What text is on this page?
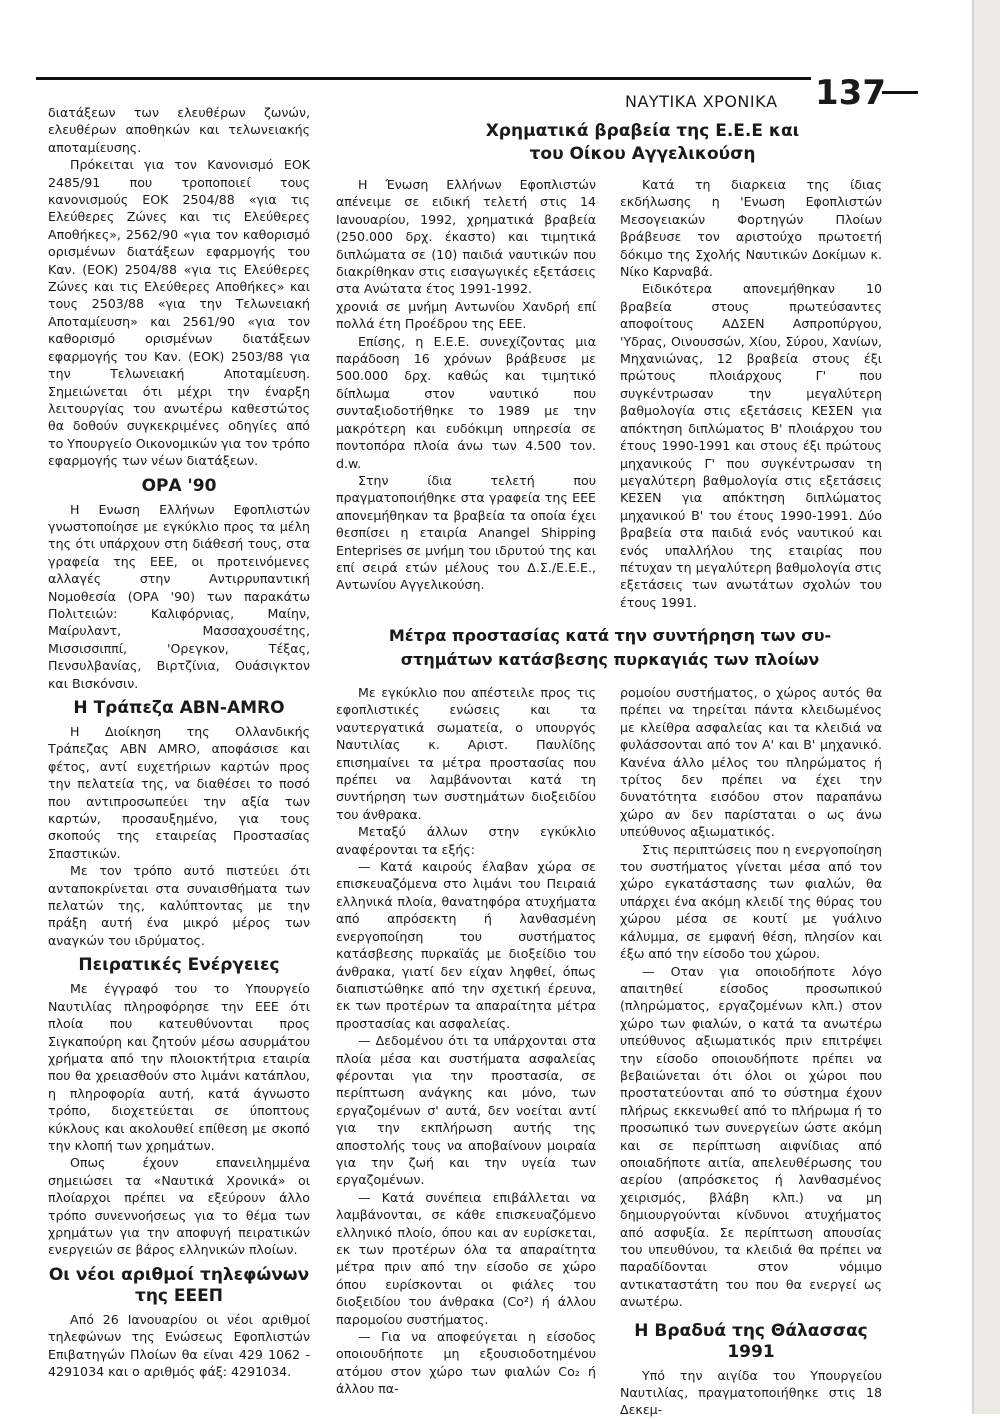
ΝΑΥΤΙΚΑ ΧΡΟΝΙΚΑ 137

διατάξεων των ελευθέρων ζωνών, ελευθέρων αποθηκών και τελωνειακής αποταμίευσης.

Πρόκειται για τον Κανονισμό ΕΟΚ 2485/91 που τροποποιεί τους κανονισμούς ΕΟΚ 2504/88 «για τις Ελεύθερες Ζώνες και τις Ελεύθερες Αποθήκες», 2562/90 «για τον καθορισμό ορισμένων διατάξεων εφαρμογής του Καν. (ΕΟΚ) 2504/88 «για τις Ελεύθερες Ζώνες και τις Ελεύθερες Αποθήκες» και τους 2503/88 «για την Τελωνειακή Αποταμίευση» και 2561/90 «για τον καθορισμό ορισμένων διατάξεων εφαρμογής του Καν. (ΕΟΚ) 2503/88 για την Τελωνειακή Αποταμίευση. Σημειώνεται ότι μέχρι την έναρξη λειτουργίας του ανωτέρω καθεστώτος θα δοθούν συγκεκριμένες οδηγίες από το Υπουργείο Οικονομικών για τον τρόπο εφαρμογής των νέων διατάξεων.

ΟΡΑ '90

Η Ενωση Ελλήνων Εφοπλιστών γνωστοποίησε με εγκύκλιο προς τα μέλη της ότι υπάρχουν στη διάθεσή τους, στα γραφεία της ΕΕΕ, οι προτεινόμενες αλλαγές στην Αντιρρυπαντική Νομοθεσία (ΟΡΑ '90) των παρακάτω Πολιτειών: Καλιφόρνιας, Μαίην, Μαίρυλαντ, Μασσαχουσέτης, Μισσισσιππί, 'Ορεγκον, Τέξας, Πενσυλβανίας, Βιρτζίνια, Ουάσιγκτον και Βισκόνσιν.

Η Τράπεζα ABN-AMRO

Η Διοίκηση της Ολλανδικής Τράπεζας ABN AMRO, αποφάσισε και φέτος, αντί ευχετήριων καρτών προς την πελατεία της, να διαθέσει το ποσό που αντιπροσωπεύει την αξία των καρτών, προσαυξημένο, για τους σκοπούς της εταιρείας Προστασίας Σπαστικών.

Με τον τρόπο αυτό πιστεύει ότι ανταποκρίνεται στα συναισθήματα των πελατών της, καλύπτοντας με την πράξη αυτή ένα μικρό μέρος των αναγκών του ιδρύματος.

Πειρατικές Ενέργειες

Με έγγραφό του το Υπουργείο Ναυτιλίας πληροφόρησε την ΕΕΕ ότι πλοία που κατευθύνονται προς Σιγκαπούρη και ζητούν μέσω ασυρμάτου χρήματα από την πλοιοκτήτρια εταιρία που θα χρειασθούν στο λιμάνι κατάπλου, η πληροφορία αυτή, κατά άγνωστο τρόπο, διοχετεύεται σε ύποπτους κύκλους και ακολουθεί επίθεση με σκοπό την κλοπή των χρημάτων.

Οπως έχουν επανειλημμένα σημειώσει τα «Ναυτικά Χρονικά» οι πλοίαρχοι πρέπει να εξεύρουν άλλο τρόπο συνεννοήσεως για το θέμα των χρημάτων για την αποφυγή πειρατικών ενεργειών σε βάρος ελληνικών πλοίων.

Οι νέοι αριθμοί τηλεφώνων
της ΕΕΕΠ

Από 26 Ιανουαρίου οι νέοι αριθμοί τηλεφώνων της Ενώσεως Εφοπλιστών Επιβατηγών Πλοίων θα είναι 429 1062 - 4291034 και ο αριθμός φάξ: 4291034.

Χρηματικά βραβεία της Ε.Ε.Ε και
του Οίκου Αγγελικούση

Η Ένωση Ελλήνων Εφοπλιστών απένειμε σε ειδική τελετή στις 14 Ιανουαρίου, 1992, χρηματικά βραβεία (250.000 δρχ. έκαστο) και τιμητικά διπλώματα σε (10) παιδιά ναυτικών που διακρίθηκαν στις εισαγωγικές εξετάσεις στα Ανώτατα έτος 1991-1992.

χρονιά σε μνήμη Αντωνίου Χανδρή επί πολλά έτη Προέδρου της ΕΕΕ.

Επίσης, η Ε.Ε.Ε. συνεχίζοντας μια παράδοση 16 χρόνων βράβευσε με 500.000 δρχ. καθώς και τιμητικό δίπλωμα στον ναυτικό που συνταξιοδοτήθηκε το 1989 με την μακρότερη και ευδόκιμη υπηρεσία σε ποντοπόρα πλοία άνω των 4.500 τον. d.w.

Στην ίδια τελετή που πραγματοποιήθηκε στα γραφεία της ΕΕΕ απονεμήθηκαν τα βραβεία τα οποία έχει θεσπίσει η εταιρία Anangel Shipping Enteprises σε μνήμη του ιδρυτού της και επί σειρά ετών μέλους του Δ.Σ./Ε.Ε.Ε., Αντωνίου Αγγελικούση.

Κατά τη διαρκεια της ίδιας εκδήλωσης η 'Ενωση Εφοπλιστών Μεσογειακών Φορτηγών Πλοίων βράβευσε τον αριστούχο πρωτοετή δόκιμο της Σχολής Ναυτικών Δοκίμων κ. Νίκο Καρναβά.

Ειδικότερα απονεμήθηκαν 10 βραβεία στους πρωτεύσαντες αποφοίτους ΑΔΣΕΝ Ασπροπύργου, 'Υδρας, Οινουσσών, Χίου, Σύρου, Χανίων, Μηχανιώνας, 12 βραβεία στους έξι πρώτους πλοιάρχους Γ' που συγκέντρωσαν την μεγαλύτερη βαθμολογία στις εξετάσεις ΚΕΣΕΝ για απόκτηση διπλώματος Β' πλοιάρχου του έτους 1990-1991 και στους έξι πρώτους μηχανικούς Γ' που συγκέντρωσαν τη μεγαλύτερη βαθμολογία στις εξετάσεις ΚΕΣΕΝ για απόκτηση διπλώματος μηχανικού Β' του έτους 1990-1991. Δύο βραβεία στα παιδιά ενός ναυτικού και ενός υπαλλήλου της εταιρίας που πέτυχαν τη μεγαλύτερη βαθμολογία στις εξετάσεις των ανωτάτων σχολών του έτους 1991.

Μέτρα προστασίας κατά την συντήρηση των συ-
στημάτων κατάσβεσης πυρκαγιάς των πλοίων

Με εγκύκλιο που απέστειλε προς τις εφοπλιστικές ενώσεις και τα ναυτεργατικά σωματεία, ο υπουργός Ναυτιλίας κ. Αριστ. Παυλίδης επισημαίνει τα μέτρα προστασίας που πρέπει να λαμβάνονται κατά τη συντήρηση των συστημάτων διοξειδίου του άνθρακα.

Μεταξύ άλλων στην εγκύκλιο αναφέρονται τα εξής:

— Κατά καιρούς έλαβαν χώρα σε επισκευαζόμενα στο λιμάνι του Πειραιά ελληνικά πλοία, θανατηφόρα ατυχήματα από απρόσεκτη ή λανθασμένη ενεργοποίηση του συστήματος κατάσβεσης πυρκαϊάς με διοξείδιο του άνθρακα, γιατί δεν είχαν ληφθεί, όπως διαπιστώθηκε από την σχετική έρευνα, εκ των προτέρων τα απαραίτητα μέτρα προστασίας και ασφαλείας.

— Δεδομένου ότι τα υπάρχονται στα πλοία μέσα και συστήματα ασφαλείας φέρονται για την προστασία, σε περίπτωση ανάγκης και μόνο, των εργαζομένων σ' αυτά, δεν νοείται αντί για την εκπλήρωση αυτής της αποστολής τους να αποβαίνουν μοιραία για την ζωή και την υγεία των εργαζομένων.

— Κατά συνέπεια επιβάλλεται να λαμβάνονται, σε κάθε επισκευαζόμενο ελληνικό πλοίο, όπου και αν ευρίσκεται, εκ των προτέρων όλα τα απαραίτητα μέτρα πριν από την είσοδο σε χώρο όπου ευρίσκονται οι φιάλες του διοξειδίου του άνθρακα (Co²) ή άλλου παρομοίου συστήματος.

— Για να αποφεύγεται η είσοδος οποιουδήποτε μη εξουσιοδοτημένου ατόμου στον χώρο των φιαλών Co₂ ή άλλου πα-

ρομοίου συστήματος, ο χώρος αυτός θα πρέπει να τηρείται πάντα κλειδωμένος με κλείθρα ασφαλείας και τα κλειδιά να φυλάσσονται από τον Α' και Β' μηχανικό. Κανένα άλλο μέλος του πληρώματος ή τρίτος δεν πρέπει να έχει την δυνατότητα εισόδου στον παραπάνω χώρο αν δεν παρίσταται ο ως άνω υπεύθυνος αξιωματικός.

Στις περιπτώσεις που η ενεργοποίηση του συστήματος γίνεται μέσα από τον χώρο εγκατάστασης των φιαλών, θα υπάρχει ένα ακόμη κλειδί της θύρας του χώρου μέσα σε κουτί με γυάλινο κάλυμμα, σε εμφανή θέση, πλησίον και έξω από την είσοδο του χώρου.

— Οταν για οποιοδήποτε λόγο απαιτηθεί είσοδος προσωπικού (πληρώματος, εργαζομένων κλπ.) στον χώρο των φιαλών, ο κατά τα ανωτέρω υπεύθυνος αξιωματικός πριν επιτρέψει την είσοδο οποιουδήποτε πρέπει να βεβαιώνεται ότι όλοι οι χώροι που προστατεύονται από το σύστημα έχουν πλήρως εκκενωθεί από το πλήρωμα ή το προσωπικό των συνεργείων ώστε ακόμη και σε περίπτωση αιφνίδιας από οποιαδήποτε αιτία, απελευθέρωσης του αερίου (απρόσκετος ή λανθασμένος χειρισμός, βλάβη κλπ.) να μη δημιουργούνται κίνδυνοι ατυχήματος από ασφυξία. Σε περίπτωση απουσίας του υπευθύνου, τα κλειδιά θα πρέπει να παραδίδονται στον νόμιμο αντικαταστάτη του που θα ενεργεί ως ανωτέρω.

Η Βραδυά της Θάλασσας 1991

Υπό την αιγίδα του Υπουργείου Ναυτιλίας, πραγματοποιήθηκε στις 18 Δεκεμ-
